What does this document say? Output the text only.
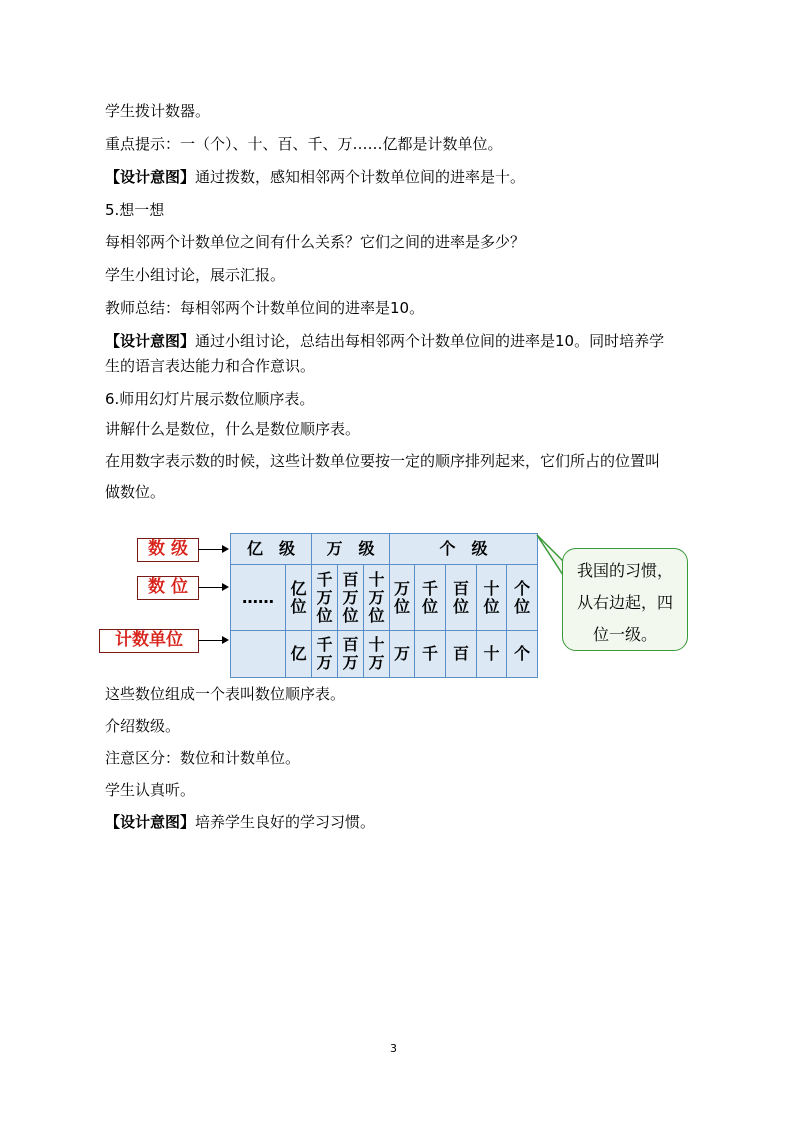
学生拨计数器。
重点提示：一（个）、十、百、千、万……亿都是计数单位。
【设计意图】通过拨数，感知相邻两个计数单位间的进率是十。
5.想一想
每相邻两个计数单位之间有什么关系？它们之间的进率是多少？
学生小组讨论，展示汇报。
教师总结：每相邻两个计数单位间的进率是10。
【设计意图】通过小组讨论，总结出每相邻两个计数单位间的进率是10。同时培养学
生的语言表达能力和合作意识。
6.师用幻灯片展示数位顺序表。
讲解什么是数位，什么是数位顺序表。
在用数字表示数的时候，这些计数单位要按一定的顺序排列起来，它们所占的位置叫
做数位。
数 级
数 位
计数单位
亿　级		万　级			个　级				
……	亿位	千万位	百万位	十万位	万位	千位	百位	十位	个位
	亿	千万	百万	十万	万	千	百	十	个
我国的习惯，
从右边起，四
位一级。
这些数位组成一个表叫数位顺序表。
介绍数级。
注意区分：数位和计数单位。
学生认真听。
【设计意图】培养学生良好的学习习惯。
3
